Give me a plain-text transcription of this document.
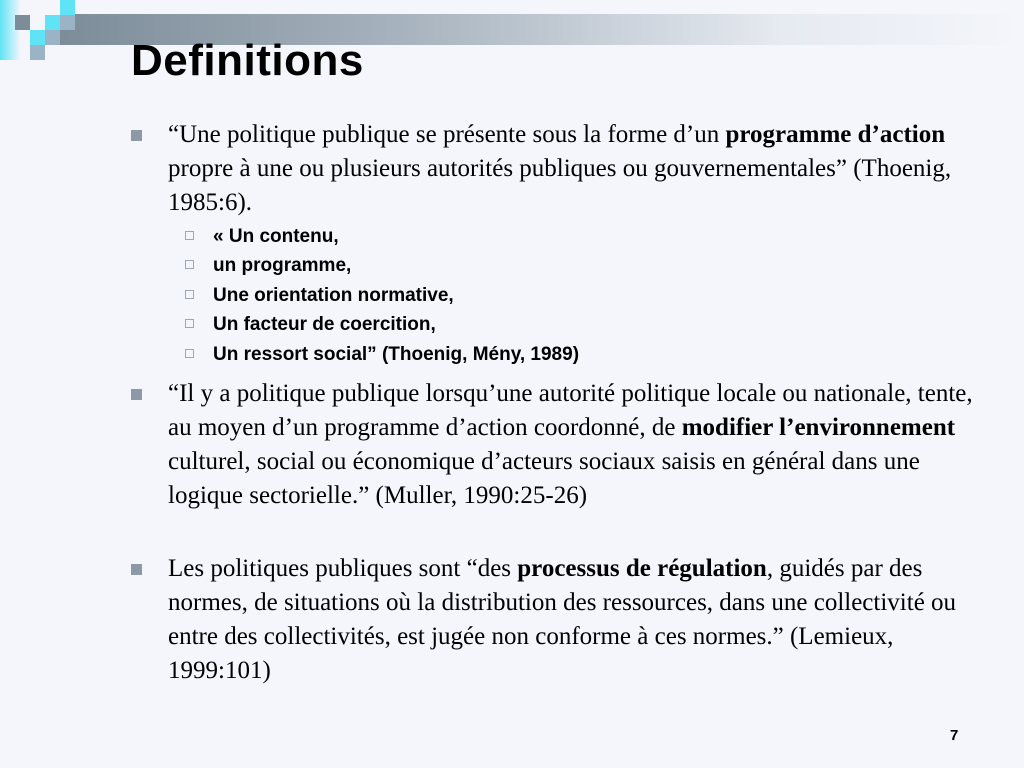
Definitions
“Une politique publique se présente sous la forme d’un programme d’action propre à une ou plusieurs autorités publiques ou gouvernementales” (Thoenig, 1985:6).
« Un contenu,
un programme,
Une orientation normative,
Un facteur de coercition,
Un ressort social” (Thoenig, Mény, 1989)
“Il y a politique publique lorsqu’une autorité politique locale ou nationale, tente, au moyen d’un programme d’action coordonné, de modifier l’environnement culturel, social ou économique d’acteurs sociaux saisis en général dans une logique sectorielle.” (Muller, 1990:25-26)
Les politiques publiques sont “des processus de régulation, guidés par des normes, de situations où la distribution des ressources, dans une collectivité ou entre des collectivités, est jugée non conforme à ces normes.” (Lemieux, 1999:101)
7
